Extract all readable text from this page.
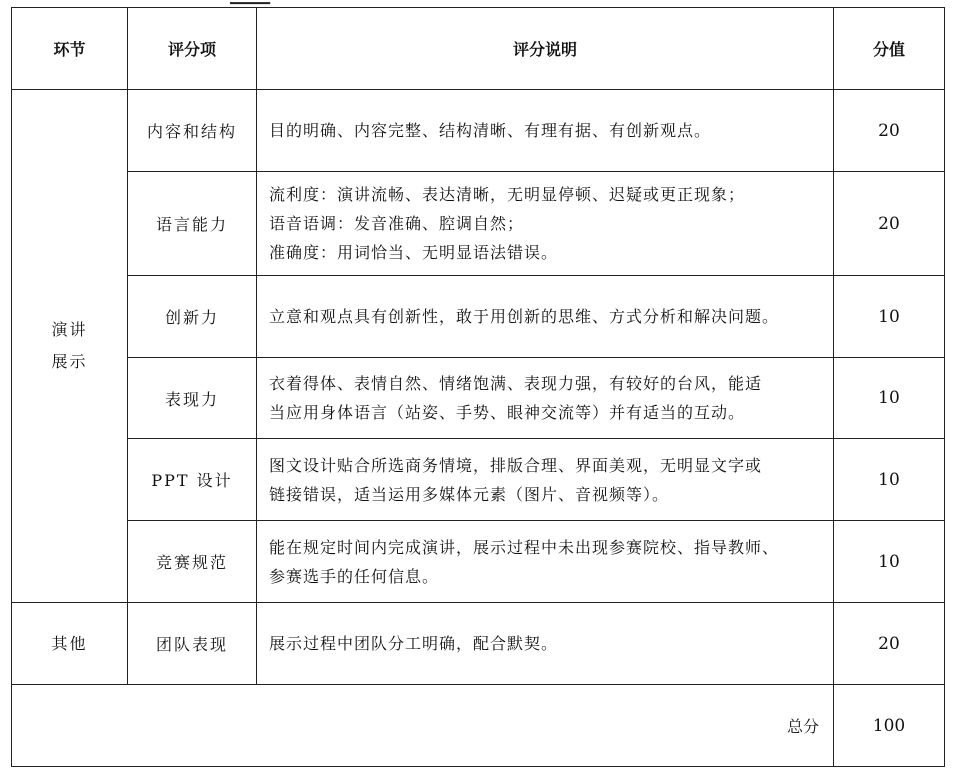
环节	评分项	评分说明	分值

演讲
展示	内容和结构	目的明确、内容完整、结构清晰、有理有据、有创新观点。	20
	语言能力	流利度：演讲流畅、表达清晰，无明显停顿、迟疑或更正现象；
语音语调：发音准确、腔调自然；
准确度：用词恰当、无明显语法错误。	20
	创新力	立意和观点具有创新性，敢于用创新的思维、方式分析和解决问题。	10
	表现力	衣着得体、表情自然、情绪饱满、表现力强，有较好的台风，能适
当应用身体语言（站姿、手势、眼神交流等）并有适当的互动。	10
	PPT 设计	图文设计贴合所选商务情境，排版合理、界面美观，无明显文字或
链接错误，适当运用多媒体元素（图片、音视频等）。	10
	竞赛规范	能在规定时间内完成演讲，展示过程中未出现参赛院校、指导教师、
参赛选手的任何信息。	10

其他	团队表现	展示过程中团队分工明确，配合默契。	20
总分			100
